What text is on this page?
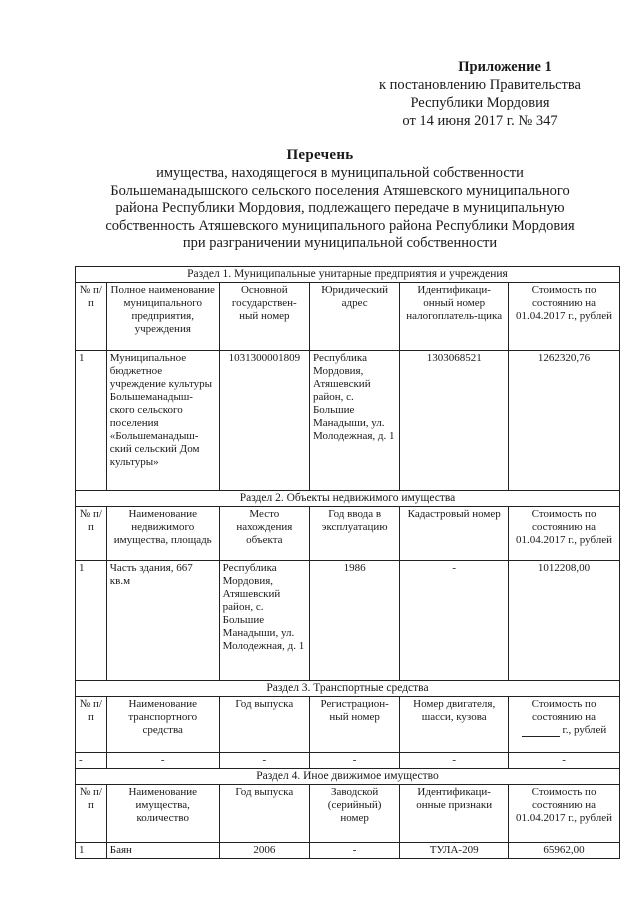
Приложение 1
к постановлению Правительства
Республики Мордовия
от 14 июня 2017 г. № 347
Перечень
имущества, находящегося в муниципальной собственности
Большеманадышского сельского поселения Атяшевского муниципального
района Республики Мордовия, подлежащего передаче в муниципальную
собственность Атяшевского муниципального района Республики Мордовия
при разграничении муниципальной собственности
Раздел 1. Муниципальные унитарные предприятия и учреждения					
№ п/п	Полное наименование муниципального предприятия, учреждения	Основной государствен-ный номер	Юридический адрес	Идентификаци-онный номер налогоплатель-щика	Стоимость по состоянию на 01.04.2017 г., рублей
1	Муниципальное бюджетное учреждение культуры Большеманадыш-ского сельского поселения «Большеманадыш-ский сельский Дом культуры»	1031300001809	Республика Мордовия, Атяшевский район, с. Большие Манадыши, ул. Молодежная, д. 1	1303068521	1262320,76
Раздел 2. Объекты недвижимого имущества					
№ п/п	Наименование недвижимого имущества, площадь	Место нахождения объекта	Год ввода в эксплуатацию	Кадастровый номер	Стоимость по состоянию на 01.04.2017 г., рублей
1	Часть здания, 667 кв.м	Республика Мордовия, Атяшевский район, с. Большие Манадыши, ул. Молодежная, д. 1	1986	-	1012208,00
Раздел 3. Транспортные средства					
№ п/п	Наименование транспортного средства	Год выпуска	Регистрацион-ный номер	Номер двигателя, шасси, кузова	Стоимость по состоянию на
г., рублей
-	-	-	-	-	-
Раздел 4. Иное движимое имущество					
№ п/п	Наименование имущества, количество	Год выпуска	Заводской (серийный) номер	Идентификаци-онные признаки	Стоимость по состоянию на 01.04.2017 г., рублей
1	Баян	2006	-	ТУЛА-209	65962,00
